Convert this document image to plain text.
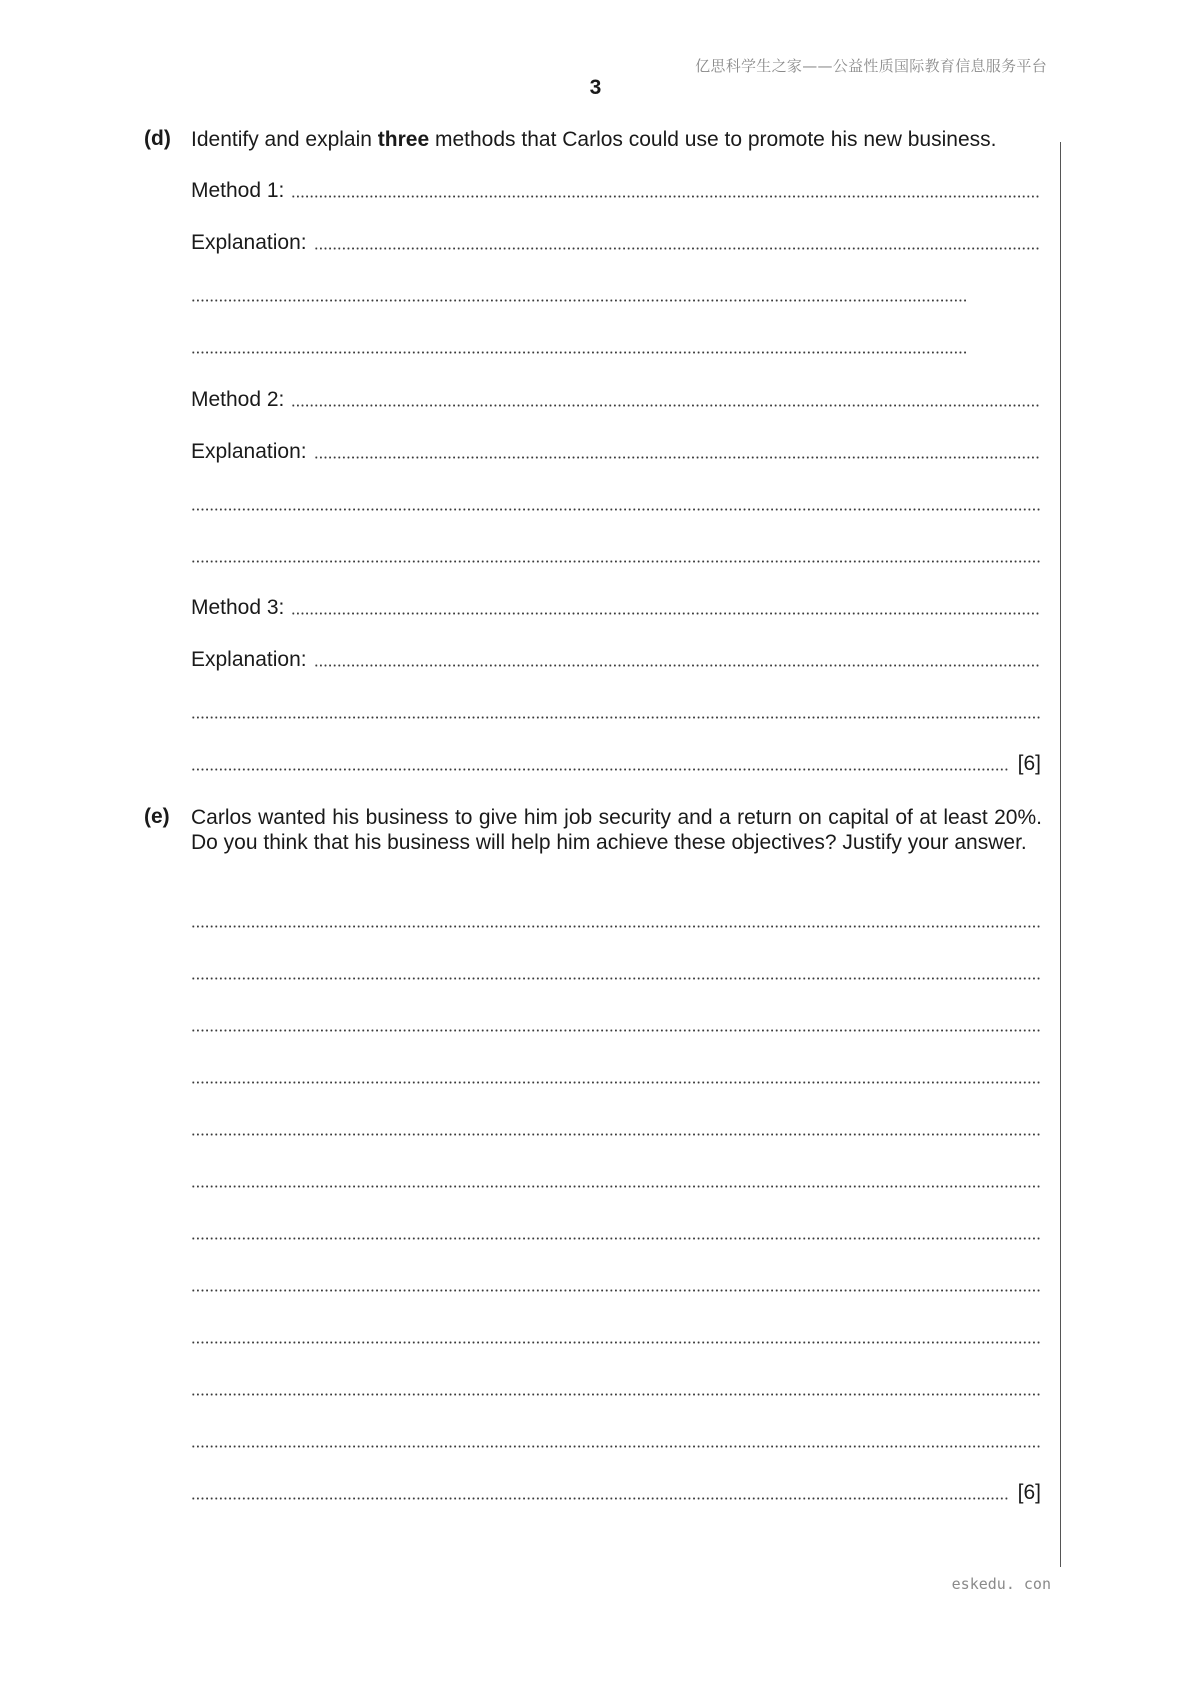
亿思科学生之家——公益性质国际教育信息服务平台
3
(d) Identify and explain three methods that Carlos could use to promote his new business.
Method 1:
Explanation:
Method 2:
Explanation:
Method 3:
Explanation:
[6]
(e) Carlos wanted his business to give him job security and a return on capital of at least 20%. Do you think that his business will help him achieve these objectives? Justify your answer.
[6]
eskedu. con
